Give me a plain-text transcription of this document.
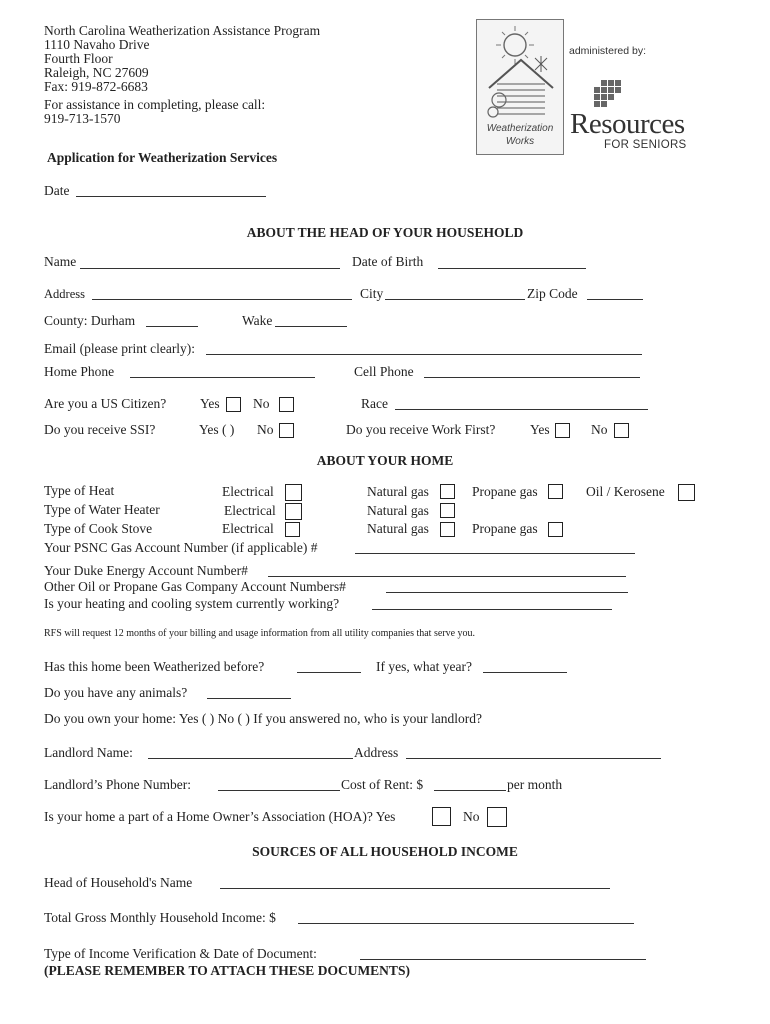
North Carolina Weatherization Assistance Program
1110 Navaho Drive
Fourth Floor
Raleigh, NC 27609
Fax: 919-872-6683
For assistance in completing, please call:
919-713-1570
Weatherization
Works
administered by:
Resources
FOR SENIORS
Application for Weatherization Services
Date
ABOUT THE HEAD OF YOUR HOUSEHOLD
Name	Date of Birth
Address	City	Zip Code
County: Durham	Wake
Email (please print clearly):
Home Phone	Cell Phone
Are you a US Citizen?	Yes No	Race
Do you receive SSI?	Yes ( ) No	Do you receive Work First?	Yes	No
ABOUT YOUR HOME
Type of Heat	Electrical	Natural gas	Propane gas	Oil / Kerosene
Type of Water Heater	Electrical	Natural gas
Type of Cook Stove	Electrical	Natural gas	Propane gas
Your PSNC Gas Account Number (if applicable) #
Your Duke Energy Account Number#
Other Oil or Propane Gas Company Account Numbers#
Is your heating and cooling system currently working?
RFS will request 12 months of your billing and usage information from all utility companies that serve you.
Has this home been Weatherized before?	If yes, what year?
Do you have any animals?
Do you own your home: Yes ( ) No ( ) If you answered no, who is your landlord?
Landlord Name:	Address
Landlord’s Phone Number:	Cost of Rent: $	per month
Is your home a part of a Home Owner’s Association (HOA)? Yes	No
SOURCES OF ALL HOUSEHOLD INCOME
Head of Household's Name
Total Gross Monthly Household Income: $
Type of Income Verification & Date of Document:
(PLEASE REMEMBER TO ATTACH THESE DOCUMENTS)
